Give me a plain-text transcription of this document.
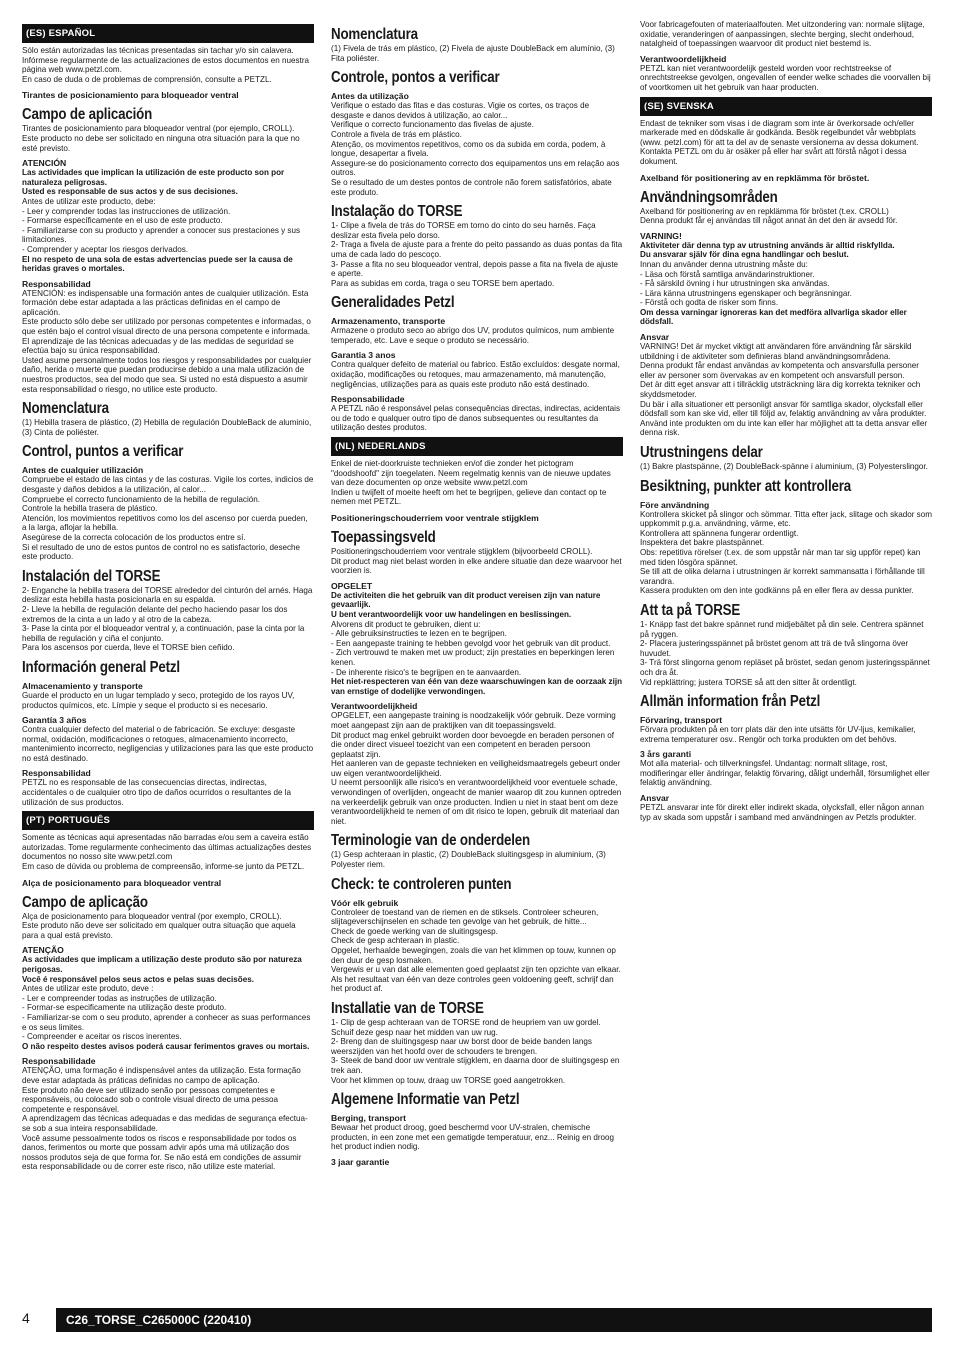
(ES) ESPAÑOL
Sólo están autorizadas las técnicas presentadas sin tachar y/o sin calavera.
Infórmese regularmente de las actualizaciones de estos documentos en nuestra página web www.petzl.com.
En caso de duda o de problemas de comprensión, consulte a PETZL.
Tirantes de posicionamiento para bloqueador ventral
Campo de aplicación
Tirantes de posicionamiento para bloqueador ventral (por ejemplo, CROLL).
Este producto no debe ser solicitado en ninguna otra situación para la que no esté previsto.
ATENCIÓN
Las actividades que implican la utilización de este producto son por naturaleza peligrosas.
Usted es responsable de sus actos y de sus decisiones.
Antes de utilizar este producto, debe:
- Leer y comprender todas las instrucciones de utilización.
- Formarse específicamente en el uso de este producto.
- Familiarizarse con su producto y aprender a conocer sus prestaciones y sus limitaciones.
- Comprender y aceptar los riesgos derivados.
El no respeto de una sola de estas advertencias puede ser la causa de heridas graves o mortales.
Responsabilidad
ATENCIÓN: es indispensable una formación antes de cualquier utilización. Esta formación debe estar adaptada a las prácticas definidas en el campo de aplicación.
Este producto sólo debe ser utilizado por personas competentes e informadas, o que estén bajo el control visual directo de una persona competente e informada.
El aprendizaje de las técnicas adecuadas y de las medidas de seguridad se efectúa bajo su única responsabilidad.
Usted asume personalmente todos los riesgos y responsabilidades por cualquier daño, herida o muerte que puedan producirse debido a una mala utilización de nuestros productos, sea del modo que sea. Si usted no está dispuesto a asumir esta responsabilidad o riesgo, no utilice este producto.
Nomenclatura
(1) Hebilla trasera de plástico, (2) Hebilla de regulación DoubleBack de aluminio, (3) Cinta de poliéster.
Control, puntos a verificar
Antes de cualquier utilización
Compruebe el estado de las cintas y de las costuras. Vigile los cortes, indicios de desgaste y daños debidos a la utilización, al calor...
Compruebe el correcto funcionamiento de la hebilla de regulación.
Controle la hebilla trasera de plástico.
Atención, los movimientos repetitivos como los del ascenso por cuerda pueden, a la larga, aflojar la hebilla.
Asegúrese de la correcta colocación de los productos entre sí.
Si el resultado de uno de estos puntos de control no es satisfactorio, deseche este producto.
Instalación del TORSE
2- Enganche la hebilla trasera del TORSE alrededor del cinturón del arnés. Haga deslizar esta hebilla hasta posicionarla en su espalda.
2- Lleve la hebilla de regulación delante del pecho haciendo pasar los dos extremos de la cinta a un lado y al otro de la cabeza.
3- Pase la cinta por el bloqueador ventral y, a continuación, pase la cinta por la hebilla de regulación y ciña el conjunto.
Para los ascensos por cuerda, lleve el TORSE bien ceñido.
Información general Petzl
Almacenamiento y transporte
Guarde el producto en un lugar templado y seco, protegido de los rayos UV, productos químicos, etc. Límpie y seque el producto si es necesario.
Garantía 3 años
Contra cualquier defecto del material o de fabricación. Se excluye: desgaste normal, oxidación, modificaciones o retoques, almacenamiento incorrecto, mantenimiento incorrecto, negligencias y utilizaciones para las que este producto no está destinado.
Responsabilidad
PETZL no es responsable de las consecuencias directas, indirectas, accidentales o de cualquier otro tipo de daños ocurridos o resultantes de la utilización de sus productos.
(PT) PORTUGUÊS
Somente as técnicas aqui apresentadas não barradas e/ou sem a caveira estão autorizadas. Tome regularmente conhecimento das últimas actualizações destes documentos no nosso site www.petzl.com
Em caso de dúvida ou problema de compreensão, informe-se junto da PETZL.
Alça de posicionamento para bloqueador ventral
Campo de aplicação
Alça de posicionamento para bloqueador ventral (por exemplo, CROLL).
Este produto não deve ser solicitado em qualquer outra situação que aquela para a qual está previsto.
ATENÇÃO
As actividades que implicam a utilização deste produto são por natureza perigosas.
Você é responsável pelos seus actos e pelas suas decisões.
Antes de utilizar este produto, deve :
- Ler e compreender todas as instruções de utilização.
- Formar-se especificamente na utilização deste produto.
- Familiarizar-se com o seu produto, aprender a conhecer as suas performances e os seus limites.
- Compreender e aceitar os riscos inerentes.
O não respeito destes avisos poderá causar ferimentos graves ou mortais.
Responsabilidade
ATENÇÃO, uma formação é indispensável antes da utilização. Esta formação deve estar adaptada às práticas definidas no campo de aplicação.
Este produto não deve ser utilizado senão por pessoas competentes e responsáveis, ou colocado sob o controle visual directo de uma pessoa competente e responsável.
A aprendizagem das técnicas adequadas e das medidas de segurança efectua-se sob a sua inteira responsabilidade.
Você assume pessoalmente todos os riscos e responsabilidade por todos os danos, ferimentos ou morte que possam advir após uma má utilização dos nossos produtos seja de que forma for. Se não está em condições de assumir esta responsabilidade ou de correr este risco, não utilize este material.
Nomenclatura
(1) Fivela de trás em plástico, (2) Fivela de ajuste DoubleBack em alumínio, (3) Fita poliéster.
Controle, pontos a verificar
Antes da utilização
Verifique o estado das fitas e das costuras. Vigie os cortes, os traços de desgaste e danos devidos à utilização, ao calor...
Verifique o correcto funcionamento das fivelas de ajuste.
Controle a fivela de trás em plástico.
Atenção, os movimentos repetitivos, como os da subida em corda, podem, à longue, desapertar a fivela.
Assegure-se do posicionamento correcto dos equipamentos uns em relação aos outros.
Se o resultado de um destes pontos de controle não forem satisfatórios, abate este produto.
Instalação do TORSE
1- Clipe a fivela de trás do TORSE em torno do cinto do seu harnês. Faça deslizar esta fivela pelo dorso.
2- Traga a fivela de ajuste para a frente do peito passando as duas pontas da fita uma de cada lado do pescoço.
3- Passe a fita no seu bloqueador ventral, depois passe a fita na fivela de ajuste e aperte.
Para as subidas em corda, traga o seu TORSE bem apertado.
Generalidades Petzl
Armazenamento, transporte
Armazene o produto seco ao abrigo dos UV, produtos químicos, num ambiente temperado, etc. Lave e seque o produto se necessário.
Garantia 3 anos
Contra qualquer defeito de material ou fabrico. Estão excluídos: desgate normal, oxidação, modificações ou retoques, mau armazenamento, má manutenção, negligências, utilizações para as quais este produto não está destinado.
Responsabilidade
A PETZL não é responsável pelas consequências directas, indirectas, acidentais ou de todo e qualquer outro tipo de danos subsequentes ou resultantes da utilização destes produtos.
(NL) NEDERLANDS
Enkel de niet-doorkruiste technieken en/of die zonder het pictogram "doodshoofd" zijn toegelaten. Neem regelmatig kennis van de nieuwe updates van deze documenten op onze website www.petzl.com
Indien u twijfelt of moeite heeft om het te begrijpen, gelieve dan contact op te nemen met PETZL.
Positioneringschouderriem voor ventrale stijgklem
Toepassingsveld
Positioneringschouderriem voor ventrale stijgklem (bijvoorbeeld CROLL).
Dit product mag niet belast worden in elke andere situatie dan deze waarvoor het voorzien is.
OPGELET
De activiteiten die het gebruik van dit product vereisen zijn van nature gevaarlijk.
U bent verantwoordelijk voor uw handelingen en beslissingen.
Alvorens dit product te gebruiken, dient u:
- Alle gebruiksinstructies te lezen en te begrijpen.
- Een aangepaste training te hebben gevolgd voor het gebruik van dit product.
- Zich vertrouwd te maken met uw product; zijn prestaties en beperkingen leren kenen.
- De inherente risico's te begrijpen en te aanvaarden.
Het niet-respecteren van één van deze waarschuwingen kan de oorzaak zijn van ernstige of dodelijke verwondingen.
Verantwoordelijkheid
OPGELET, een aangepaste training is noodzakelijk vóór gebruik. Deze vorming moet aangepast zijn aan de praktijken van dit toepassingsveld.
Dit product mag enkel gebruikt worden door bevoegde en beraden personen of die onder direct visueel toezicht van een competent en beraden persoon geplaatst zijn.
Het aanleren van de gepaste technieken en veiligheidsmaatregels gebeurt onder uw eigen verantwoordelijkheid.
U neemt persoonlijk alle risico's en verantwoordelijkheid voor eventuele schade, verwondingen of overlijden, ongeacht de manier waarop dit zou kunnen optreden na verkeerdelijk gebruik van onze producten. Indien u niet in staat bent om deze verantwoordelijkheid te nemen of om dit risico te lopen, gebruik dit materiaal dan niet.
Terminologie van de onderdelen
(1) Gesp achteraan in plastic, (2) DoubleBack sluitingsgesp in aluminium, (3) Polyester riem.
Check: te controleren punten
Vóór elk gebruik
Controleer de toestand van de riemen en de stiksels. Controleer scheuren, slijtageverschijnselen en schade ten gevolge van het gebruik, de hitte...
Check de goede werking van de sluitingsgesp.
Check de gesp achteraan in plastic.
Opgelet, herhaalde bewegingen, zoals die van het klimmen op touw, kunnen op den duur de gesp losmaken.
Vergewis er u van dat alle elementen goed geplaatst zijn ten opzichte van elkaar.
Als het resultaat van één van deze controles geen voldoening geeft, schrijf dan het product af.
Installatie van de TORSE
1- Clip de gesp achteraan van de TORSE rond de heupriem van uw gordel. Schuif deze gesp naar het midden van uw rug.
2- Breng dan de sluitingsgesp naar uw borst door de beide banden langs weerszijden van het hoofd over de schouders te brengen.
3- Steek de band door uw ventrale stijgklem, en daarna door de sluitingsgesp en trek aan.
Voor het klimmen op touw, draag uw TORSE goed aangetrokken.
Algemene Informatie van Petzl
Berging, transport
Bewaar het product droog, goed beschermd voor UV-stralen, chemische producten, in een zone met een gematigde temperatuur, enz... Reinig en droog het product indien nodig.
3 jaar garantie
Voor fabricagefouten of materiaalfouten. Met uitzondering van: normale slijtage, oxidatie, veranderingen of aanpassingen, slechte berging, slecht onderhoud, natalgheid of toepassingen waarvoor dit product niet bestemd is.
Verantwoordelijkheid
PETZL kan niet verantwoordelijk gesteld worden voor rechtstreekse of onrechtstreekse gevolgen, ongevallen of eender welke schades die voorvallen bij of voortkomen uit het gebruik van haar producten.
(SE) SVENSKA
Endast de tekniker som visas i de diagram som inte är överkorsade och/eller markerade med en dödskalle är godkända. Besök regelbundet vår webbplats (www. petzl.com) för att ta del av de senaste versionerna av dessa dokument.
Kontakta PETZL om du är osäker på eller har svårt att förstå något i dessa dokument.
Axelband för positionering av en repklämma för bröstet.
Användningsområden
Axelband för positionering av en repklämma för bröstet (t.ex. CROLL)
Denna produkt får ej användas till något annat än det den är avsedd för.
VARNING!
Aktiviteter där denna typ av utrustning används är alltid riskfyllda.
Du ansvarar själv för dina egna handlingar och beslut.
Innan du använder denna utrustning måste du:
- Läsa och förstå samtliga användarinstruktioner.
- Få särskild övning i hur utrustningen ska användas.
- Lära känna utrustningens egenskaper och begränsningar.
- Förstå och godta de risker som finns.
Om dessa varningar ignoreras kan det medföra allvarliga skador eller dödsfall.
Ansvar
VARNING! Det är mycket viktigt att användaren före användning får särskild utbildning i de aktiviteter som definieras bland användningsområdena.
Denna produkt får endast användas av kompetenta och ansvarsfulla personer eller av personer som övervakas av en kompetent och ansvarsfull person.
Det är ditt eget ansvar att i tillräcklig utsträckning lära dig korrekta tekniker och skyddsmetoder.
Du bär i alla situationer ett personligt ansvar för samtliga skador, olycksfall eller dödsfall som kan ske vid, eller till följd av, felaktig användning av våra produkter. Använd inte produkten om du inte kan eller har möjlighet att ta detta ansvar eller denna risk.
Utrustningens delar
(1) Bakre plastspänne, (2) DoubleBack-spänne i aluminium, (3) Polyesterslingor.
Besiktning, punkter att kontrollera
Före användning
Kontrollera skicket på slingor och sömmar. Titta efter jack, slitage och skador som uppkommit p.g.a. användning, värme, etc.
Kontrollera att spännena fungerar ordentligt.
Inspektera det bakre plastspännet.
Obs: repetitiva rörelser (t.ex. de som uppstår när man tar sig uppför repet) kan med tiden lösgöra spännet.
Se till att de olika delarna i utrustningen är korrekt sammansatta i förhållande till varandra.
Kassera produkten om den inte godkänns på en eller flera av dessa punkter.
Att ta på TORSE
1- Knäpp fast det bakre spännet rund midjebältet på din sele. Centrera spännet på ryggen.
2- Placera justeringsspännet på bröstet genom att trä de två slingorna över huvudet.
3- Trä först slingorna genom repläset på bröstet, sedan genom justeringsspännet och dra åt.
Vid repklättring; justera TORSE så att den sitter åt ordentligt.
Allmän information från Petzl
Förvaring, transport
Förvara produkten på en torr plats där den inte utsätts för UV-ljus, kemikalier, extrema temperaturer osv.. Rengör och torka produkten om det behövs.
3 års garanti
Mot alla material- och tillverkningsfel. Undantag: normalt slitage, rost, modifieringar eller ändringar, felaktig förvaring, dåligt underhåll, försumlighet eller felaktig användning.
Ansvar
PETZL ansvarar inte för direkt eller indirekt skada, olycksfall, eller någon annan typ av skada som uppstår i samband med användningen av Petzls produkter.
4	C26_TORSE_C265000C (220410)
